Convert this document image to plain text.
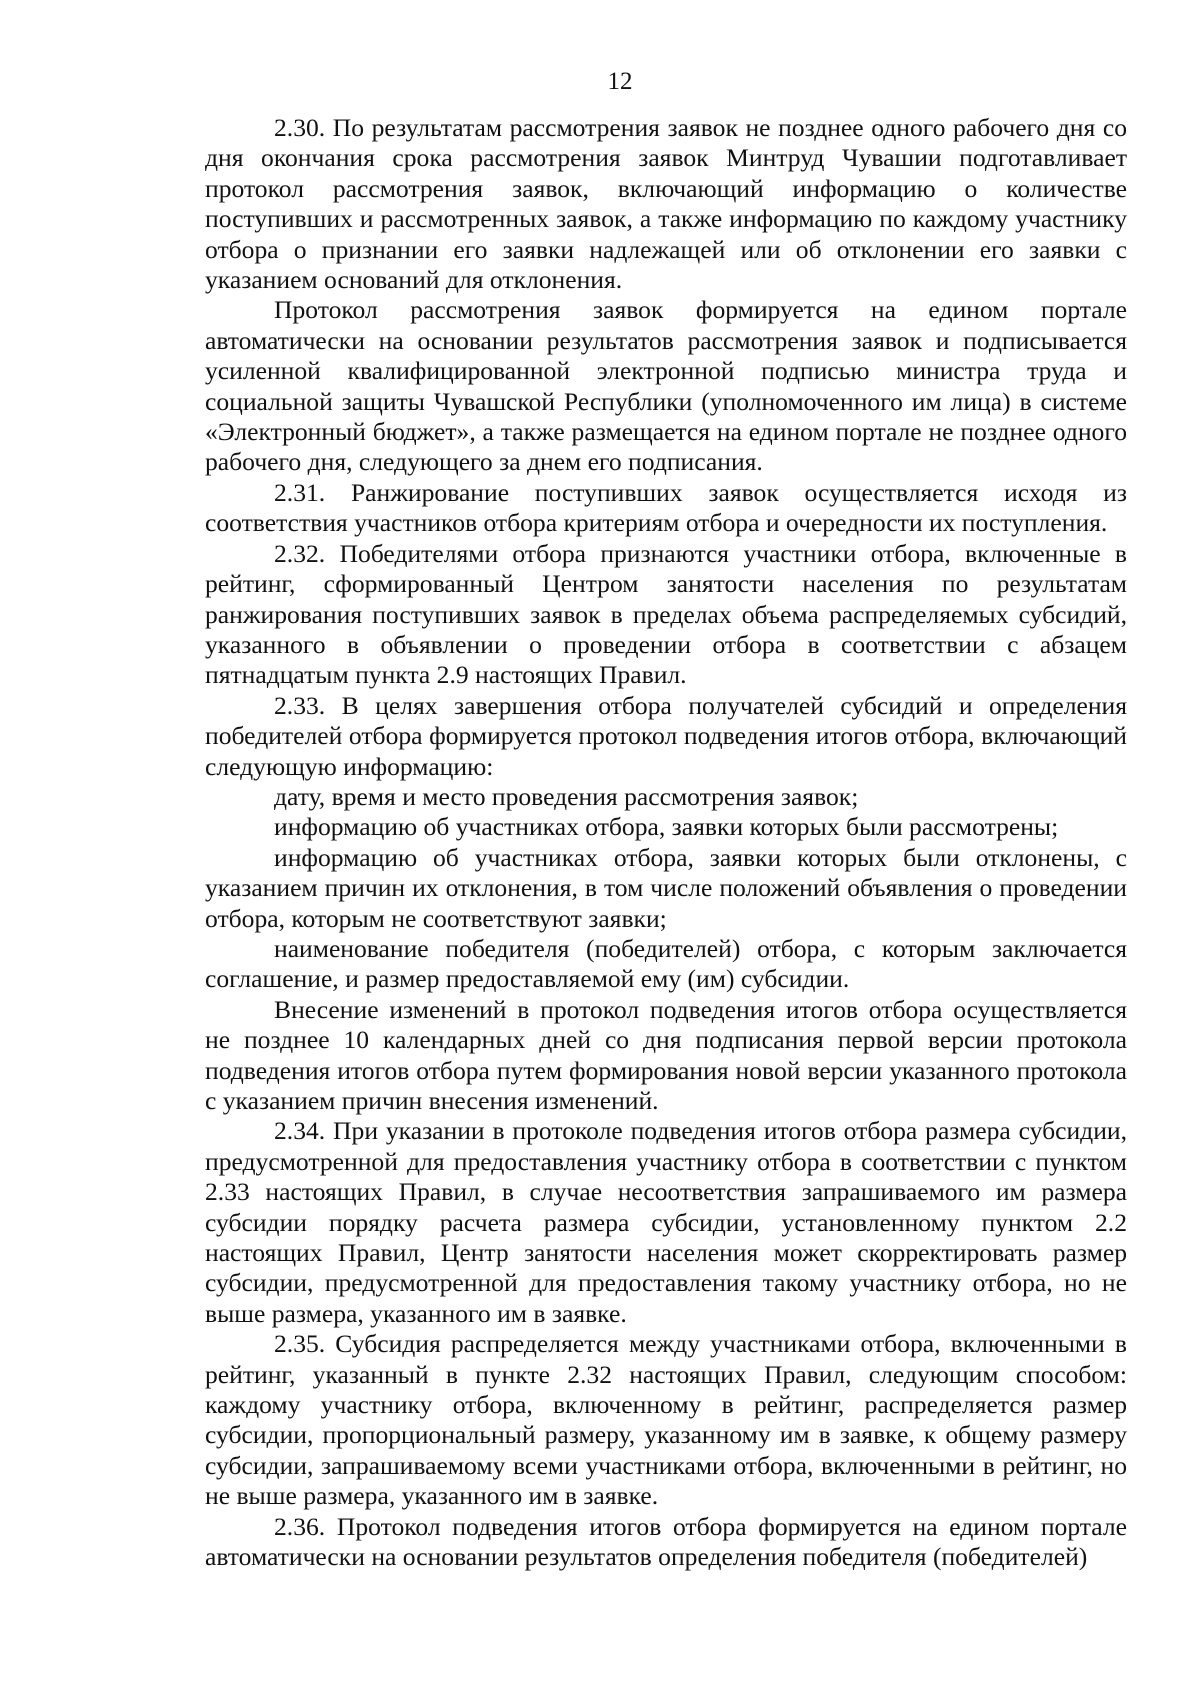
12

2.30. По результатам рассмотрения заявок не позднее одного рабочего дня со дня окончания срока рассмотрения заявок Минтруд Чувашии подготавливает протокол рассмотрения заявок, включающий информацию о количестве поступивших и рассмотренных заявок, а также информацию по каждому участнику отбора о признании его заявки надлежащей или об отклонении его заявки с указанием оснований для отклонения.

Протокол рассмотрения заявок формируется на едином портале автоматически на основании результатов рассмотрения заявок и подписывается усиленной квалифицированной электронной подписью министра труда и социальной защиты Чувашской Республики (уполномоченного им лица) в системе «Электронный бюджет», а также размещается на едином портале не позднее одного рабочего дня, следующего за днем его подписания.

2.31. Ранжирование поступивших заявок осуществляется исходя из соответствия участников отбора критериям отбора и очередности их поступления.

2.32. Победителями отбора признаются участники отбора, включенные в рейтинг, сформированный Центром занятости населения по результатам ранжирования поступивших заявок в пределах объема распределяемых субсидий, указанного в объявлении о проведении отбора в соответствии с абзацем пятнадцатым пункта 2.9 настоящих Правил.

2.33. В целях завершения отбора получателей субсидий и определения победителей отбора формируется протокол подведения итогов отбора, включающий следующую информацию:

дату, время и место проведения рассмотрения заявок;

информацию об участниках отбора, заявки которых были рассмотрены;

информацию об участниках отбора, заявки которых были отклонены, с указанием причин их отклонения, в том числе положений объявления о проведении отбора, которым не соответствуют заявки;

наименование победителя (победителей) отбора, с которым заключается соглашение, и размер предоставляемой ему (им) субсидии.

Внесение изменений в протокол подведения итогов отбора осуществляется не позднее 10 календарных дней со дня подписания первой версии протокола подведения итогов отбора путем формирования новой версии указанного протокола с указанием причин внесения изменений.

2.34. При указании в протоколе подведения итогов отбора размера субсидии, предусмотренной для предоставления участнику отбора в соответствии с пунктом 2.33 настоящих Правил, в случае несоответствия запрашиваемого им размера субсидии порядку расчета размера субсидии, установленному пунктом 2.2 настоящих Правил, Центр занятости населения может скорректировать размер субсидии, предусмотренной для предоставления такому участнику отбора, но не выше размера, указанного им в заявке.

2.35. Субсидия распределяется между участниками отбора, включенными в рейтинг, указанный в пункте 2.32 настоящих Правил, следующим способом: каждому участнику отбора, включенному в рейтинг, распределяется размер субсидии, пропорциональный размеру, указанному им в заявке, к общему размеру субсидии, запрашиваемому всеми участниками отбора, включенными в рейтинг, но не выше размера, указанного им в заявке.

2.36. Протокол подведения итогов отбора формируется на едином портале автоматически на основании результатов определения победителя (победителей)
